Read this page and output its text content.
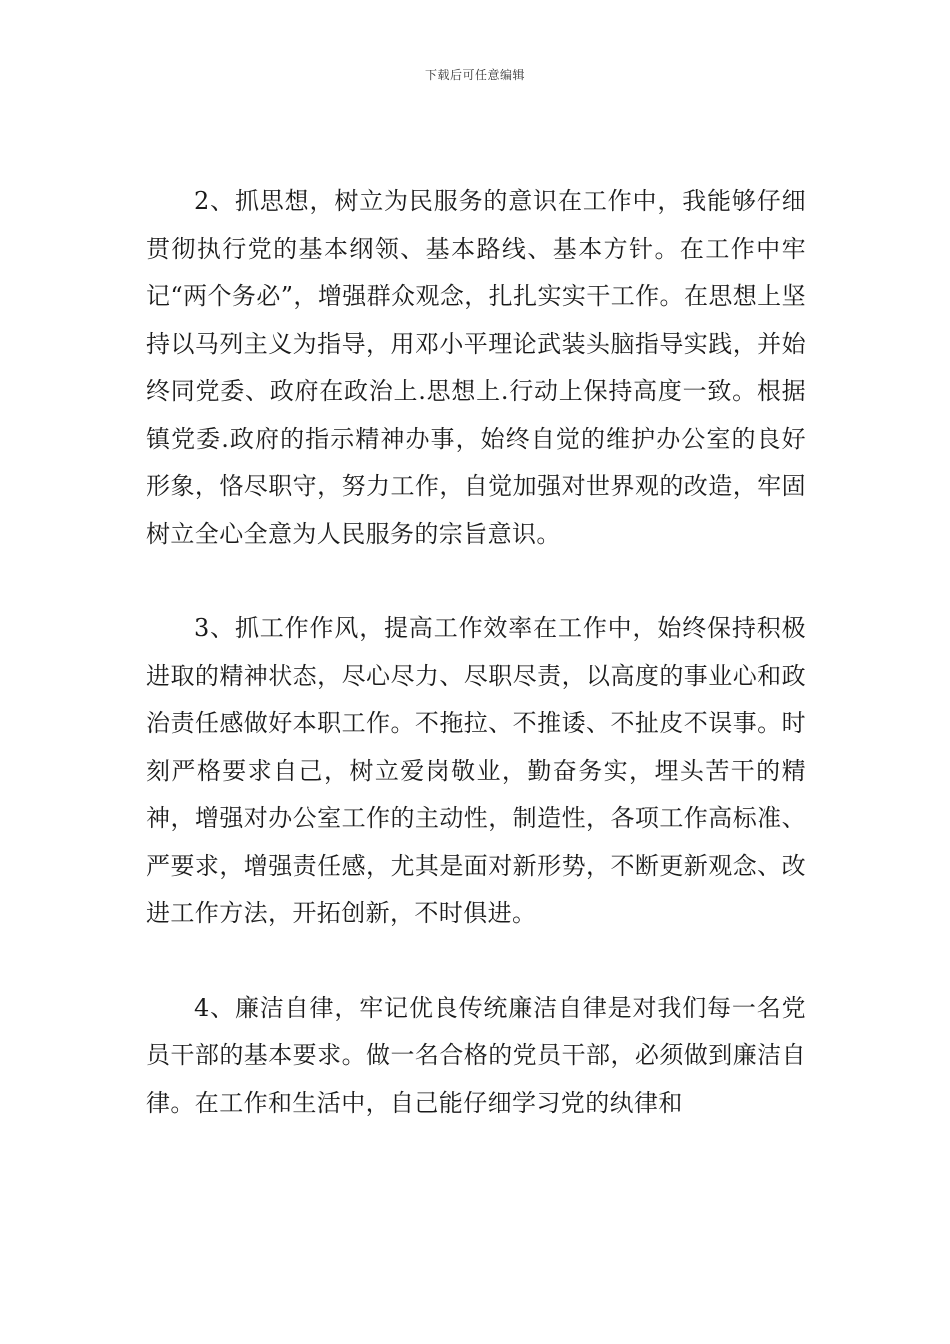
下载后可任意编辑

2、抓思想，树立为民服务的意识在工作中，我能够仔细贯彻执行党的基本纲领、基本路线、基本方针。在工作中牢记“两个务必”，增强群众观念，扎扎实实干工作。在思想上坚持以马列主义为指导，用邓小平理论武装头脑指导实践，并始终同党委、政府在政治上.思想上.行动上保持高度一致。根据镇党委.政府的指示精神办事，始终自觉的维护办公室的良好形象，恪尽职守，努力工作，自觉加强对世界观的改造，牢固树立全心全意为人民服务的宗旨意识。

3、抓工作作风，提高工作效率在工作中，始终保持积极进取的精神状态，尽心尽力、尽职尽责，以高度的事业心和政治责任感做好本职工作。不拖拉、不推诿、不扯皮不误事。时刻严格要求自己，树立爱岗敬业，勤奋务实，埋头苦干的精神，增强对办公室工作的主动性，制造性，各项工作高标准、严要求，增强责任感，尤其是面对新形势，不断更新观念、改进工作方法，开拓创新，不时俱进。

4、廉洁自律，牢记优良传统廉洁自律是对我们每一名党员干部的基本要求。做一名合格的党员干部，必须做到廉洁自律。在工作和生活中，自己能仔细学习党的纨律和
